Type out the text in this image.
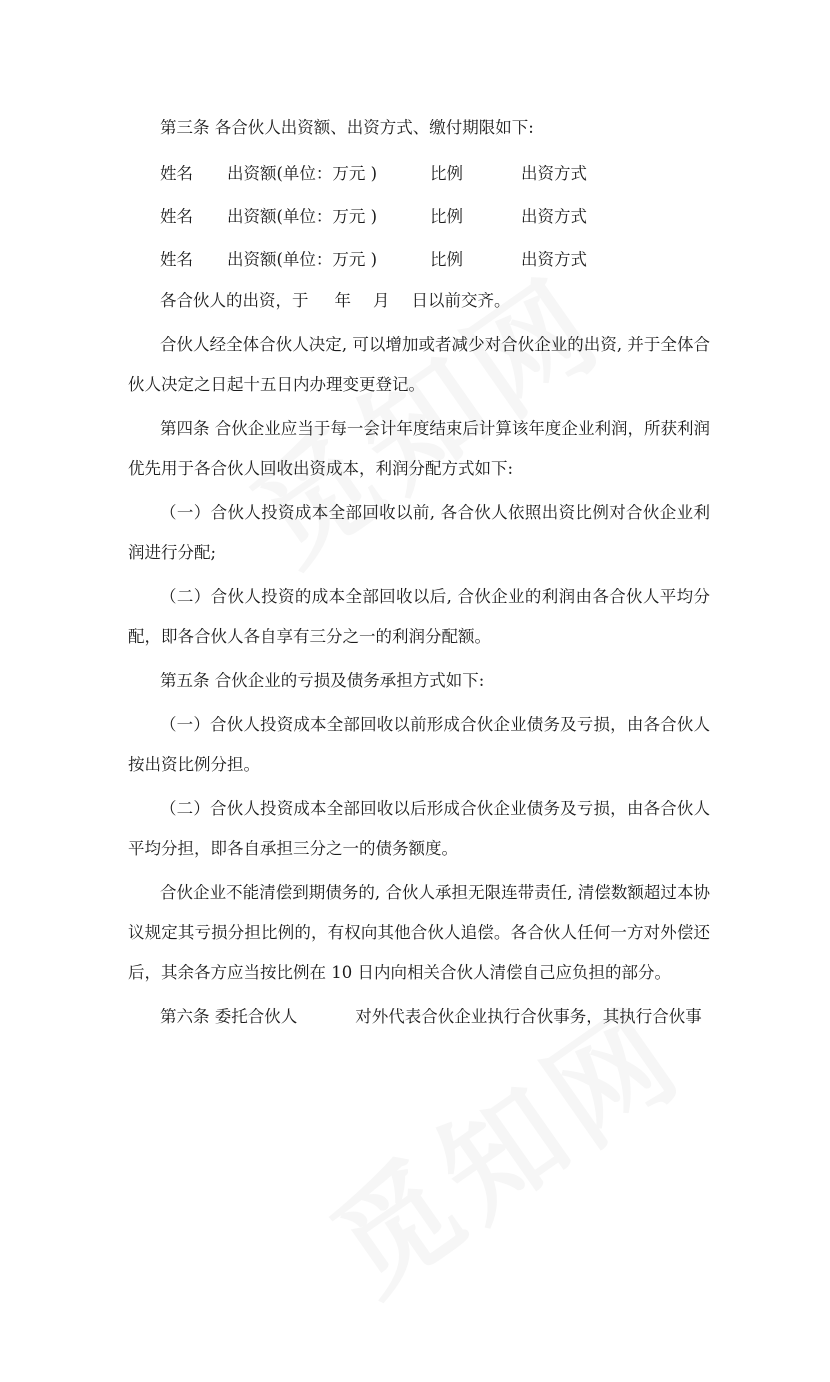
第三条 各合伙人出资额、出资方式、缴付期限如下:

姓名 出资额(单位：万元 )	比例	出资方式
姓名 出资额(单位：万元 )	比例	出资方式
姓名 出资额(单位：万元 )	比例	出资方式

各合伙人的出资，于 年 月 日以前交齐。

合伙人经全体合伙人决定, 可以增加或者减少对合伙企业的出资, 并于全体合伙人决定之日起十五日内办理变更登记。

第四条 合伙企业应当于每一会计年度结束后计算该年度企业利润，所获利润优先用于各合伙人回收出资成本，利润分配方式如下:

（一）合伙人投资成本全部回收以前, 各合伙人依照出资比例对合伙企业利润进行分配;

（二）合伙人投资的成本全部回收以后, 合伙企业的利润由各合伙人平均分配，即各合伙人各自享有三分之一的利润分配额。

第五条 合伙企业的亏损及债务承担方式如下:

（一）合伙人投资成本全部回收以前形成合伙企业债务及亏损，由各合伙人按出资比例分担。

（二）合伙人投资成本全部回收以后形成合伙企业债务及亏损，由各合伙人平均分担，即各自承担三分之一的债务额度。

合伙企业不能清偿到期债务的, 合伙人承担无限连带责任, 清偿数额超过本协议规定其亏损分担比例的，有权向其他合伙人追偿。各合伙人任何一方对外偿还后，其余各方应当按比例在 10 日内向相关合伙人清偿自己应负担的部分。

第六条 委托合伙人	对外代表合伙企业执行合伙事务，其执行合伙事
